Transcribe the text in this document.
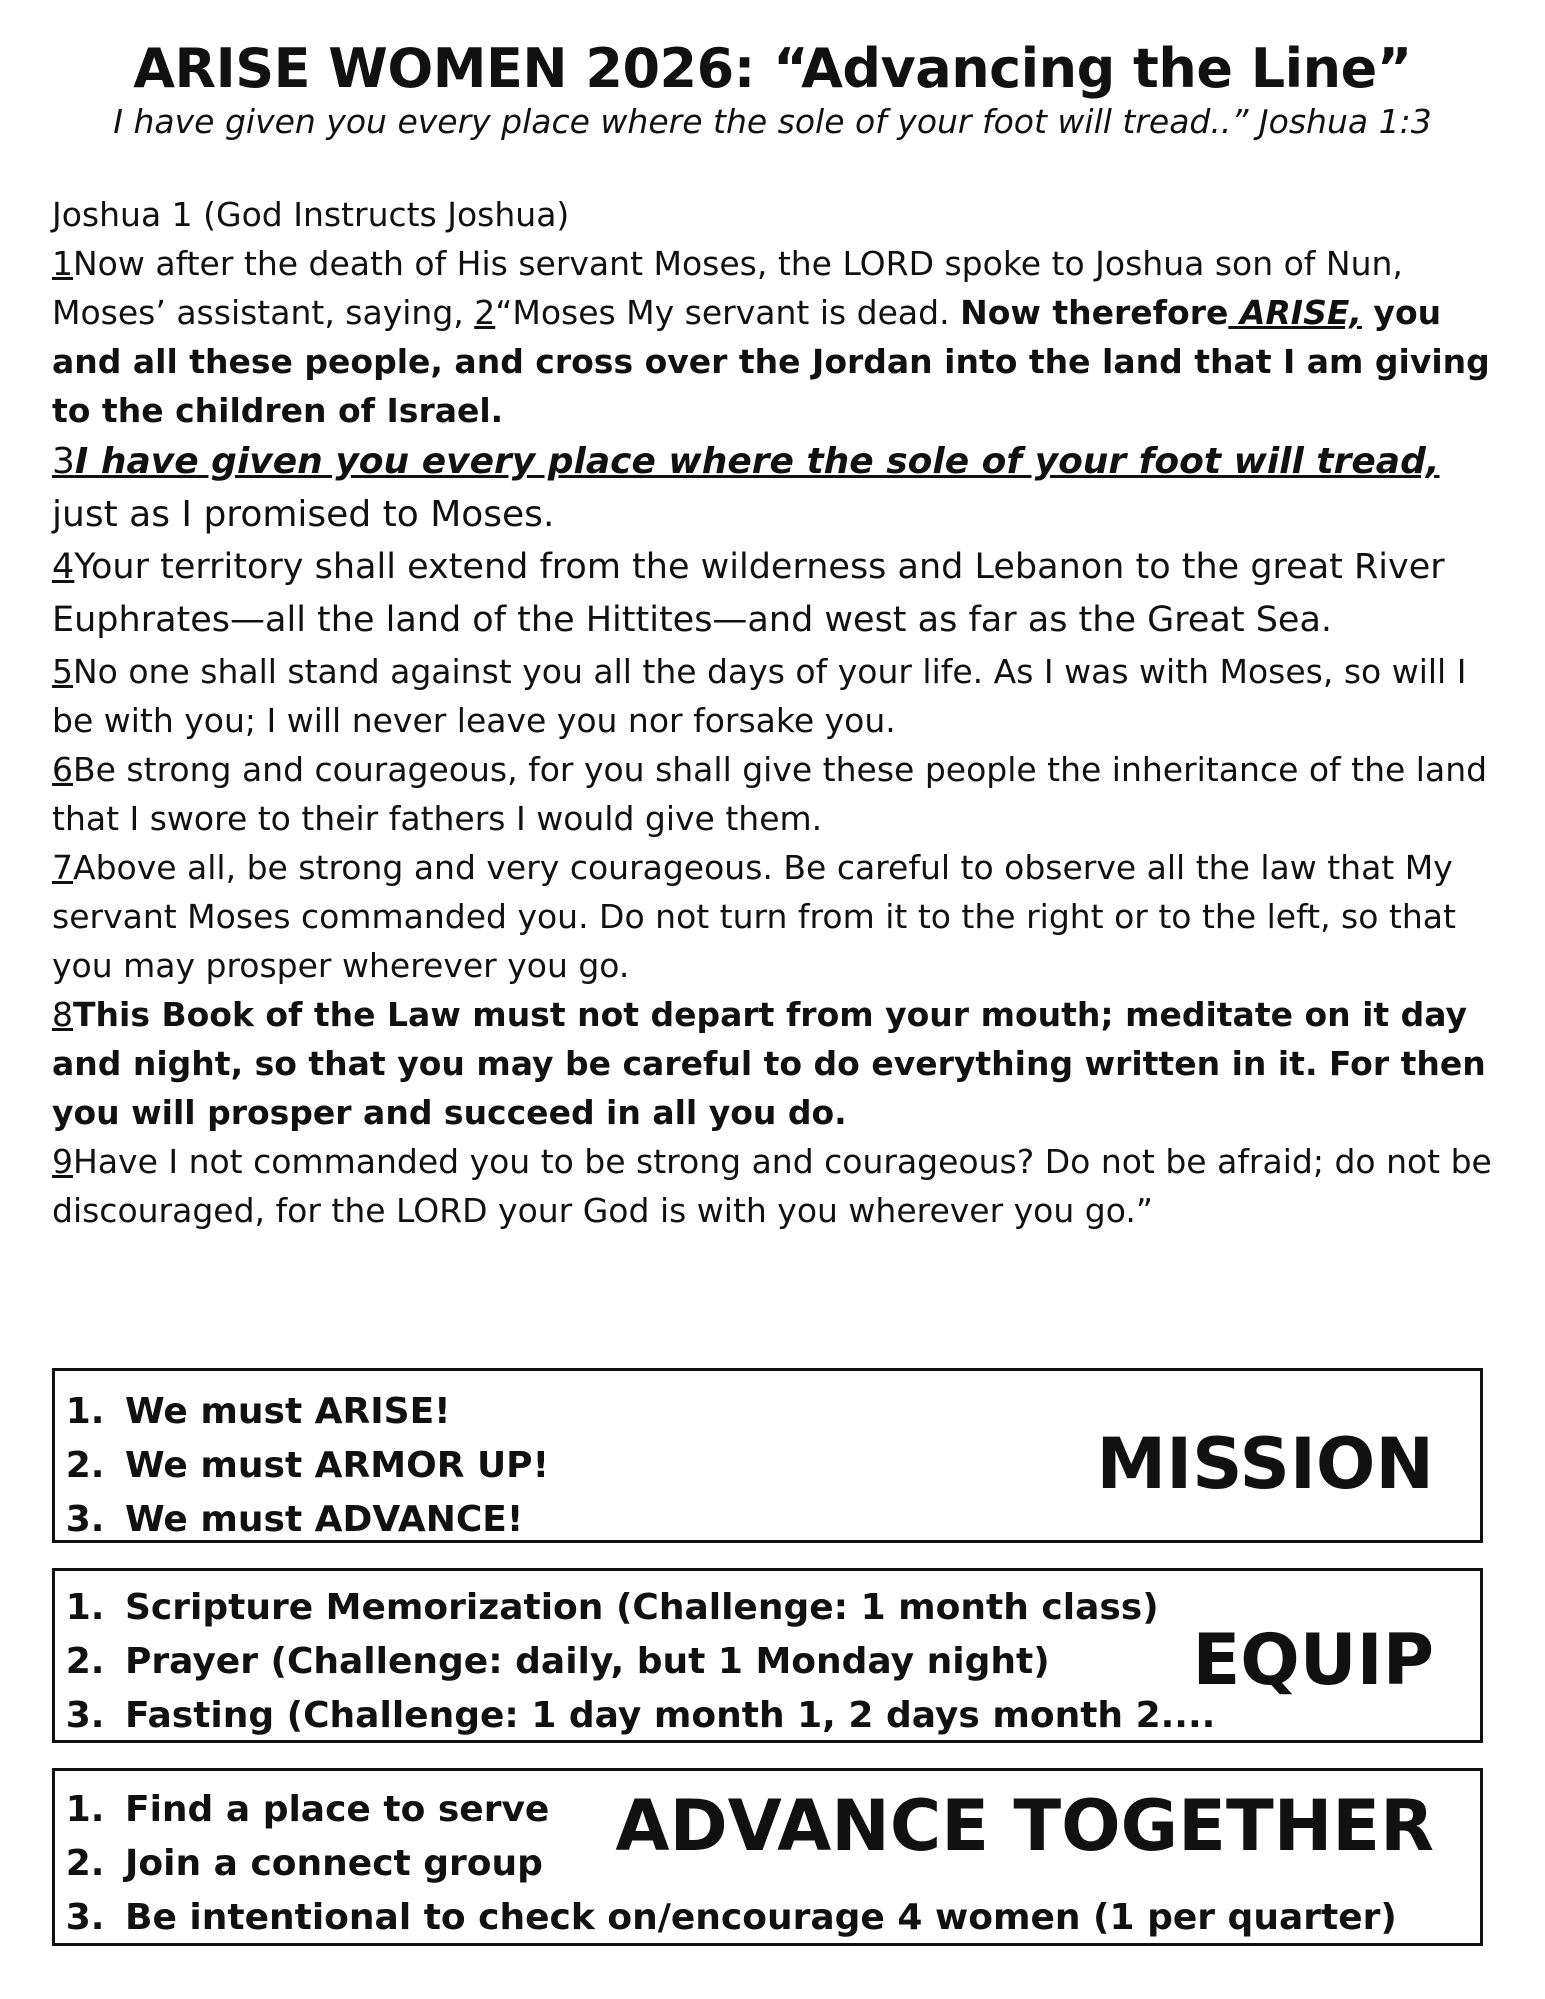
ARISE WOMEN 2026: “Advancing the Line”
I have given you every place where the sole of your foot will tread..” Joshua 1:3

Joshua 1 (God Instructs Joshua)

1Now after the death of His servant Moses, the LORD spoke to Joshua son of Nun, Moses’ assistant, saying, 2“Moses My servant is dead. Now therefore ARISE, you and all these people, and cross over the Jordan into the land that I am giving to the children of Israel.

3I have given you every place where the sole of your foot will tread, just as I promised to Moses.

4Your territory shall extend from the wilderness and Lebanon to the great River Euphrates—all the land of the Hittites—and west as far as the Great Sea.

5No one shall stand against you all the days of your life. As I was with Moses, so will I be with you; I will never leave you nor forsake you.

6Be strong and courageous, for you shall give these people the inheritance of the land that I swore to their fathers I would give them.

7Above all, be strong and very courageous. Be careful to observe all the law that My servant Moses commanded you. Do not turn from it to the right or to the left, so that you may prosper wherever you go.

8This Book of the Law must not depart from your mouth; meditate on it day and night, so that you may be careful to do everything written in it. For then you will prosper and succeed in all you do.

9Have I not commanded you to be strong and courageous? Do not be afraid; do not be discouraged, for the LORD your God is with you wherever you go.”

1. We must ARISE!
2. We must ARMOR UP!
3. We must ADVANCE!
MISSION
1. Scripture Memorization (Challenge: 1 month class)
2. Prayer (Challenge: daily, but 1 Monday night)
3. Fasting (Challenge: 1 day month 1, 2 days month 2....
EQUIP
1. Find a place to serve
2. Join a connect group
3. Be intentional to check on/encourage 4 women (1 per quarter)
ADVANCE TOGETHER
